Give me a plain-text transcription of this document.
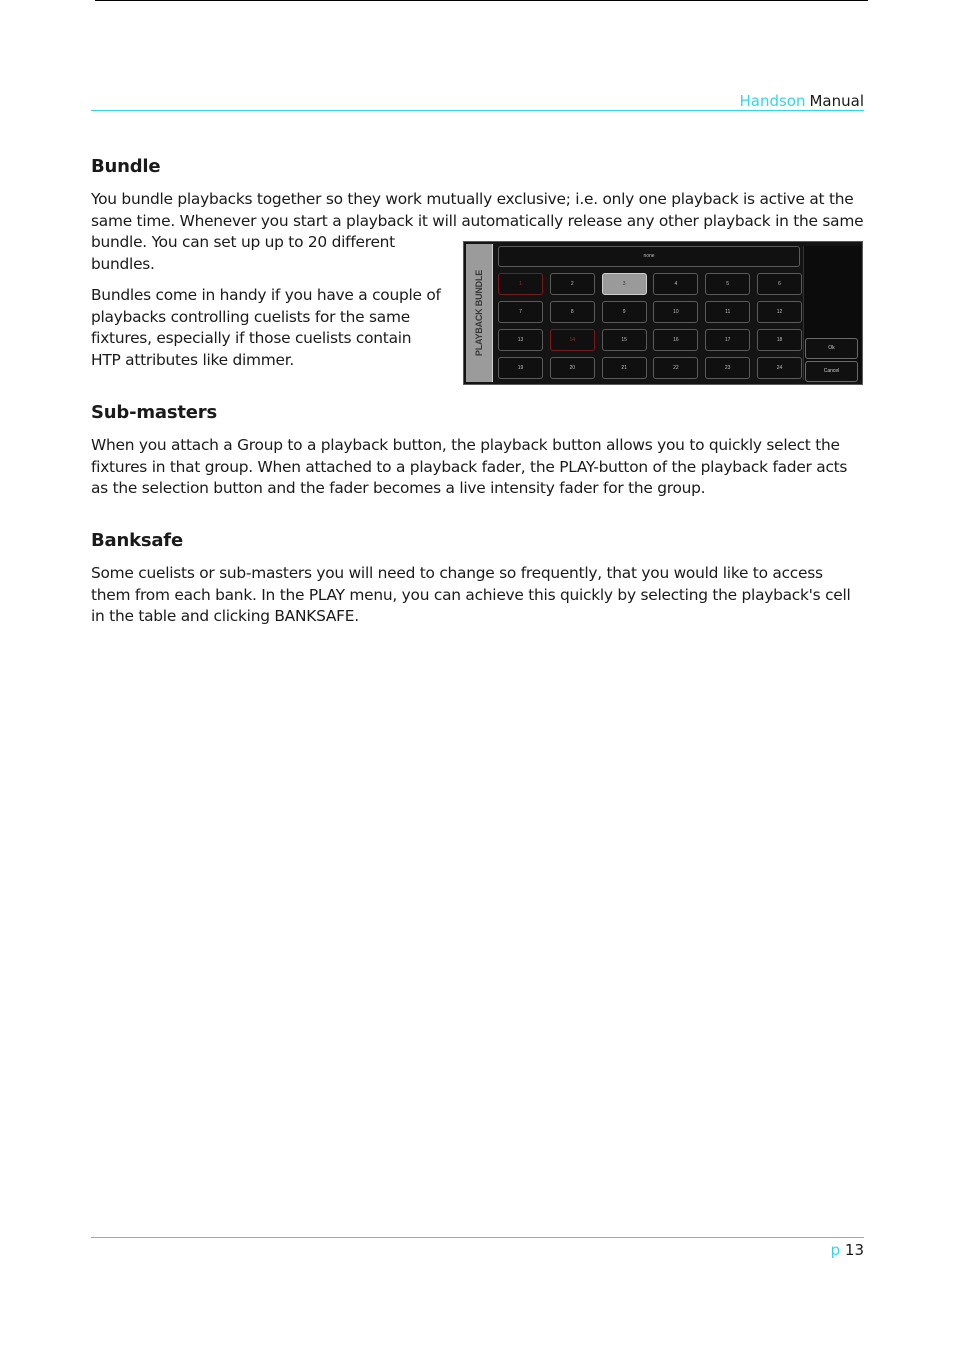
Handson Manual
Bundle

You bundle playbacks together so they work mutually exclusive; i.e. only one playback is active at the same time. Whenever you start a playback it will automatically release any other playback in the same

bundle. You can set up up to 20 different bundles.

Bundles come in handy if you have a couple of playbacks controlling cuelists for the same fixtures, especially if those cuelists contain HTP attributes like dimmer.

PLAYBACK BUNDLE
none
1	2	3	4	5	6
7	8	9	10	11	12
13	14	15	16	17	18
19	20	21	22	23	24
Ok
Cancel
Sub-masters

When you attach a Group to a playback button, the playback button allows you to quickly select the fixtures in that group. When attached to a playback fader, the PLAY-button of the playback fader acts as the selection button and the fader becomes a live intensity fader for the group.

Banksafe

Some cuelists or sub-masters you will need to change so frequently, that you would like to access them from each bank. In the PLAY menu, you can achieve this quickly by selecting the playback's cell in the table and clicking BANKSAFE.

p 13
